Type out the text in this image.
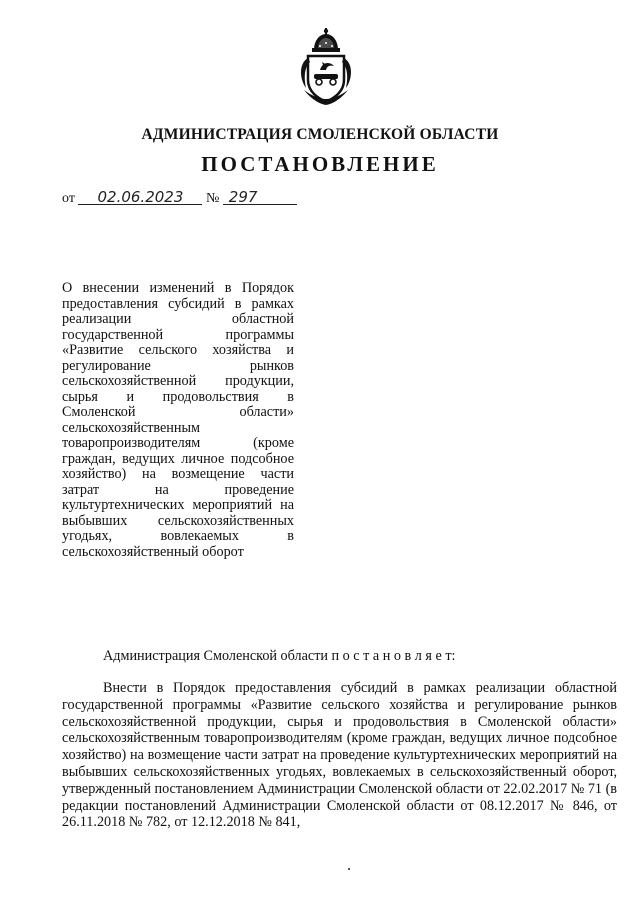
АДМИНИСТРАЦИЯ СМОЛЕНСКОЙ ОБЛАСТИ
ПОСТАНОВЛЕНИЕ
от 02.06.2023 № 297
О внесении изменений в Порядок предоставления субсидий в рамках реализации областной государственной программы «Развитие сельского хозяйства и регулирование рынков сельскохозяйственной продукции, сырья и продовольствия в Смоленской области» сельскохозяйственным товаропроизводителям (кроме граждан, ведущих личное подсобное хозяйство) на возмещение части затрат на проведение культуртехнических мероприятий на выбывших сельскохозяйственных угодьях, вовлекаемых в сельскохозяйственный оборот
Администрация Смоленской области п о с т а н о в л я е т:
Внести в Порядок предоставления субсидий в рамках реализации областной государственной программы «Развитие сельского хозяйства и регулирование рынков сельскохозяйственной продукции, сырья и продовольствия в Смоленской области» сельскохозяйственным товаропроизводителям (кроме граждан, ведущих личное подсобное хозяйство) на возмещение части затрат на проведение культуртехнических мероприятий на выбывших сельскохозяйственных угодьях, вовлекаемых в сельскохозяйственный оборот, утвержденный постановлением Администрации Смоленской области от 22.02.2017 № 71 (в редакции постановлений Администрации Смоленской области от 08.12.2017 № 846, от 26.11.2018 № 782, от 12.12.2018 № 841,
